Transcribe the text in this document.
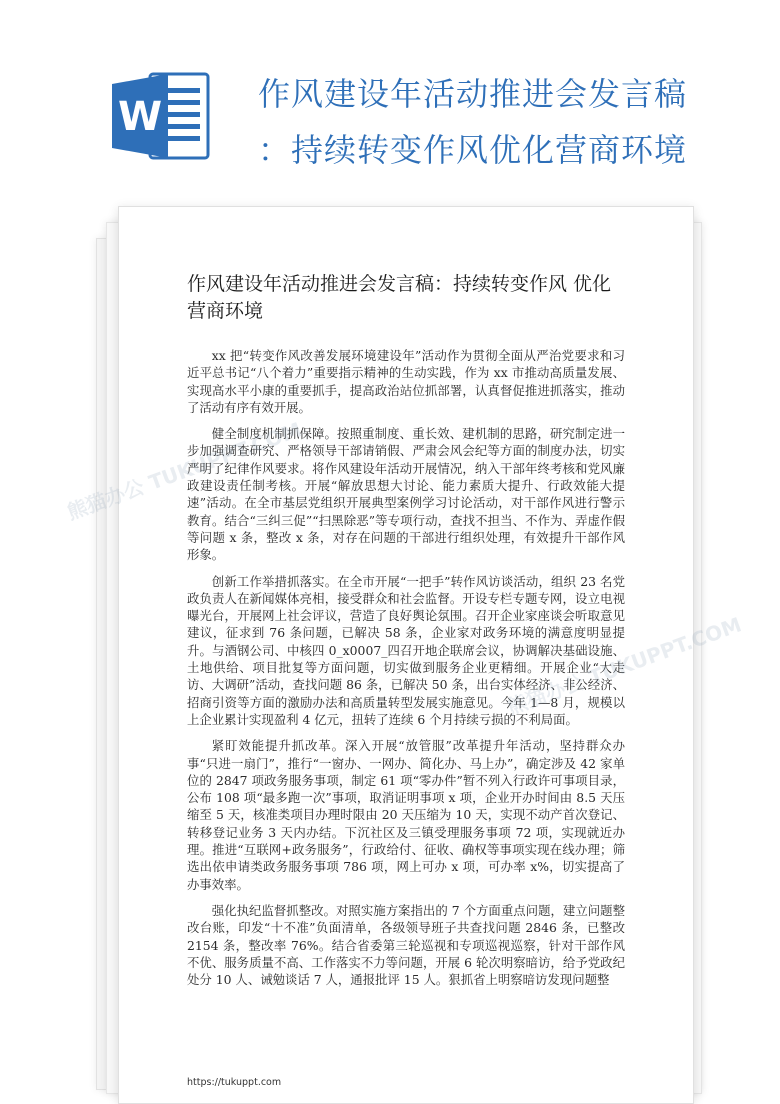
W	作风建设年活动推进会发言稿
：持续转变作风优化营商环境
作风建设年活动推进会发言稿：持续转变作风 优化营商环境

xx 把“转变作风改善发展环境建设年”活动作为贯彻全面从严治党要求和习近平总书记“八个着力”重要指示精神的生动实践，作为 xx 市推动高质量发展、实现高水平小康的重要抓手，提高政治站位抓部署，认真督促推进抓落实，推动了活动有序有效开展。

健全制度机制抓保障。按照重制度、重长效、建机制的思路，研究制定进一步加强调查研究、严格领导干部请销假、严肃会风会纪等方面的制度办法，切实严明了纪律作风要求。将作风建设年活动开展情况，纳入干部年终考核和党风廉政建设责任制考核。开展“解放思想大讨论、能力素质大提升、行政效能大提速”活动。在全市基层党组织开展典型案例学习讨论活动，对干部作风进行警示教育。结合“三纠三促”“扫黑除恶”等专项行动，查找不担当、不作为、弄虚作假等问题 x 条，整改 x 条，对存在问题的干部进行组织处理，有效提升干部作风形象。

创新工作举措抓落实。在全市开展“一把手”转作风访谈活动，组织 23 名党政负责人在新闻媒体亮相，接受群众和社会监督。开设专栏专题专网，设立电视曝光台，开展网上社会评议，营造了良好舆论氛围。召开企业家座谈会听取意见建议，征求到 76 条问题，已解决 58 条，企业家对政务环境的满意度明显提升。与酒钢公司、中核四 0_x0007_四召开地企联席会议，协调解决基础设施、土地供给、项目批复等方面问题，切实做到服务企业更精细。开展企业“大走访、大调研”活动，查找问题 86 条，已解决 50 条，出台实体经济、非公经济、招商引资等方面的激励办法和高质量转型发展实施意见。今年 1—8 月，规模以上企业累计实现盈利 4 亿元，扭转了连续 6 个月持续亏损的不利局面。

紧盯效能提升抓改革。深入开展“放管服”改革提升年活动，坚持群众办事“只进一扇门”，推行“一窗办、一网办、简化办、马上办”，确定涉及 42 家单位的 2847 项政务服务事项，制定 61 项“零办件”暂不列入行政许可事项目录，公布 108 项“最多跑一次”事项，取消证明事项 x 项，企业开办时间由 8.5 天压缩至 5 天，核准类项目办理时限由 20 天压缩为 10 天，实现不动产首次登记、转移登记业务 3 天内办结。下沉社区及三镇受理服务事项 72 项，实现就近办理。推进“互联网+政务服务”，行政给付、征收、确权等事项实现在线办理；筛选出依申请类政务服务事项 786 项，网上可办 x 项，可办率 x%，切实提高了办事效率。

强化执纪监督抓整改。对照实施方案指出的 7 个方面重点问题，建立问题整改台账，印发“十不准”负面清单，各级领导班子共查找问题 2846 条，已整改 2154 条，整改率 76%。结合省委第三轮巡视和专项巡视巡察，针对干部作风不优、服务质量不高、工作落实不力等问题，开展 6 轮次明察暗访，给予党政纪处分 10 人、诫勉谈话 7 人，通报批评 15 人。狠抓省上明察暗访发现问题整

https://tukuppt.com
